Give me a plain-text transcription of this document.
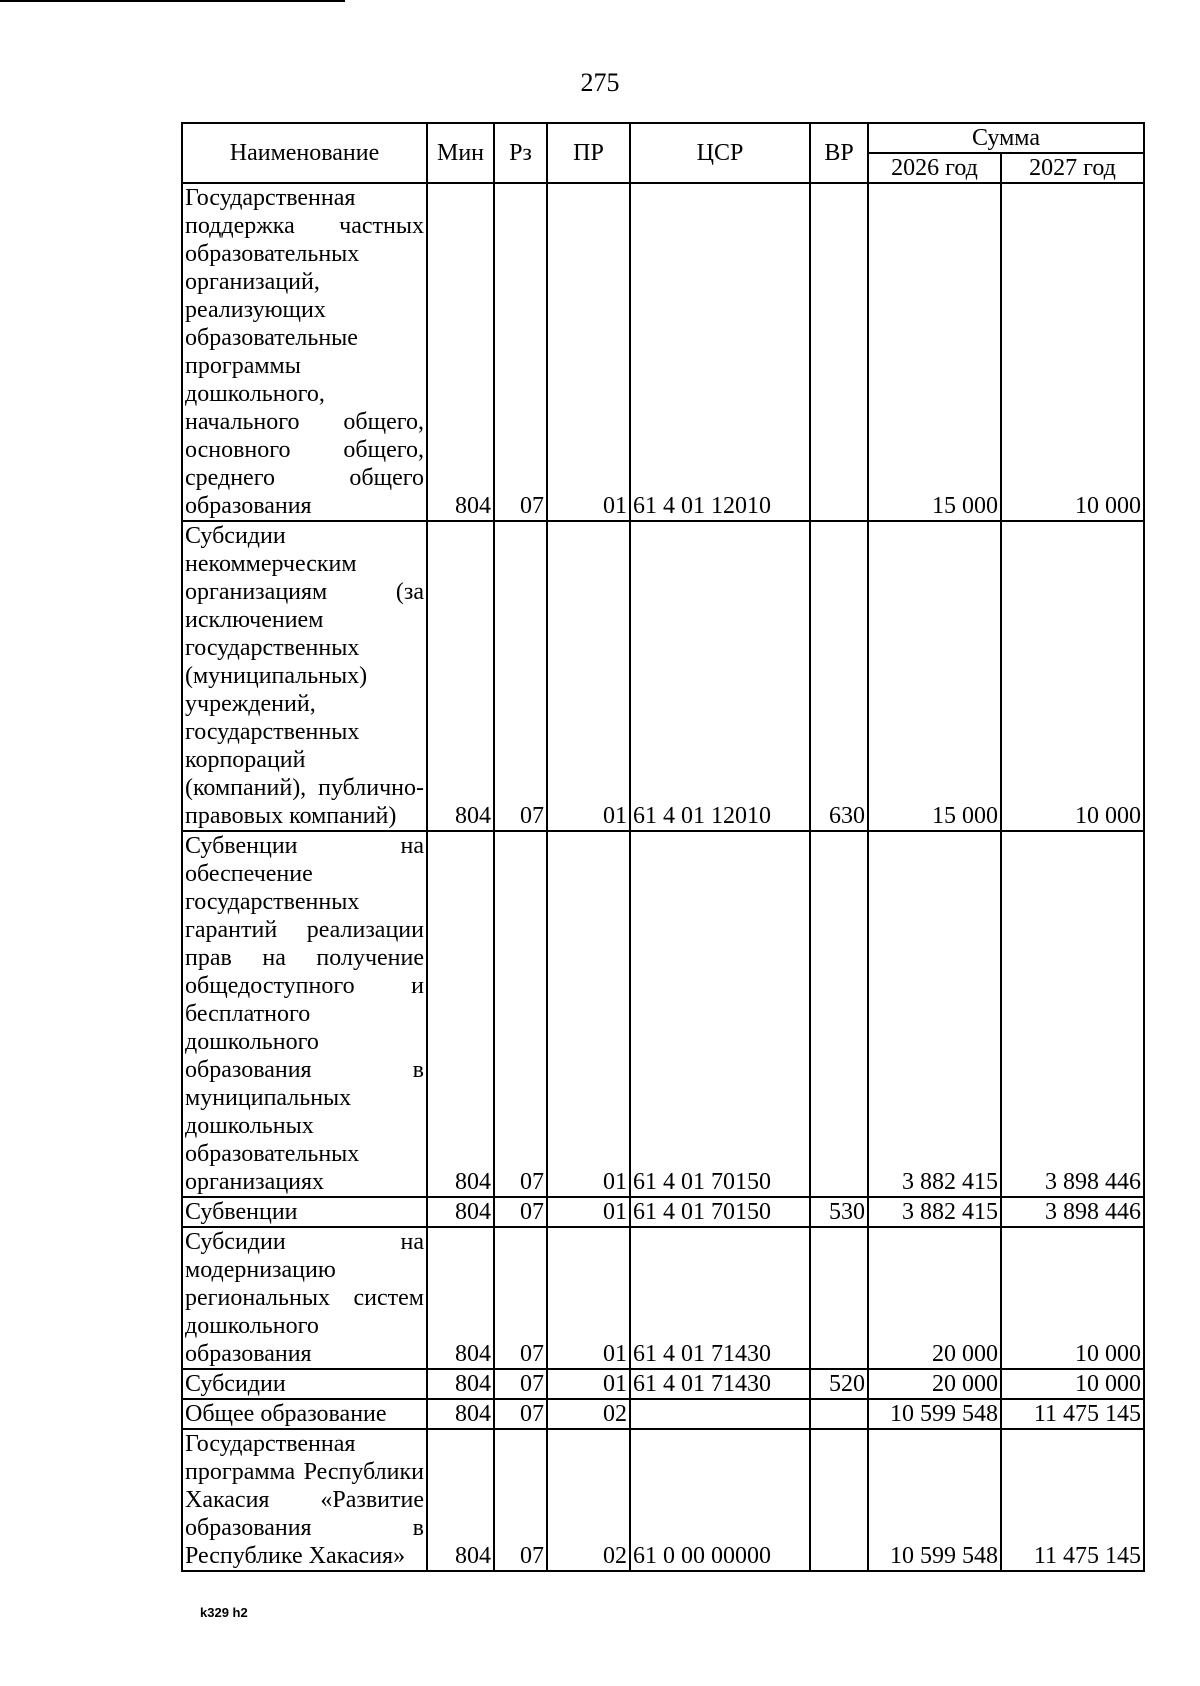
275
Наименование	Мин	Рз	ПР	ЦСР	ВР	Сумма	
						2026 год	2027 год
Государственная поддержка частных образовательных организаций, реализующих образовательные программы дошкольного, начального общего, основного общего, среднего общего образования	804	07	01	61 4 01 12010		15 000	10 000
Субсидии некоммерческим организациям (за исключением государственных (муниципальных) учреждений, государственных корпораций (компаний), публично-правовых компаний)	804	07	01	61 4 01 12010	630	15 000	10 000
Субвенции на обеспечение государственных гарантий реализации прав на получение общедоступного и бесплатного дошкольного образования в муниципальных дошкольных образовательных организациях	804	07	01	61 4 01 70150		3 882 415	3 898 446
Субвенции	804	07	01	61 4 01 70150	530	3 882 415	3 898 446
Субсидии на модернизацию региональных систем дошкольного образования	804	07	01	61 4 01 71430		20 000	10 000
Субсидии	804	07	01	61 4 01 71430	520	20 000	10 000
Общее образование	804	07	02			10 599 548	11 475 145
Государственная программа Республики Хакасия «Развитие образования в Республике Хакасия»	804	07	02	61 0 00 00000		10 599 548	11 475 145
k329 h2
